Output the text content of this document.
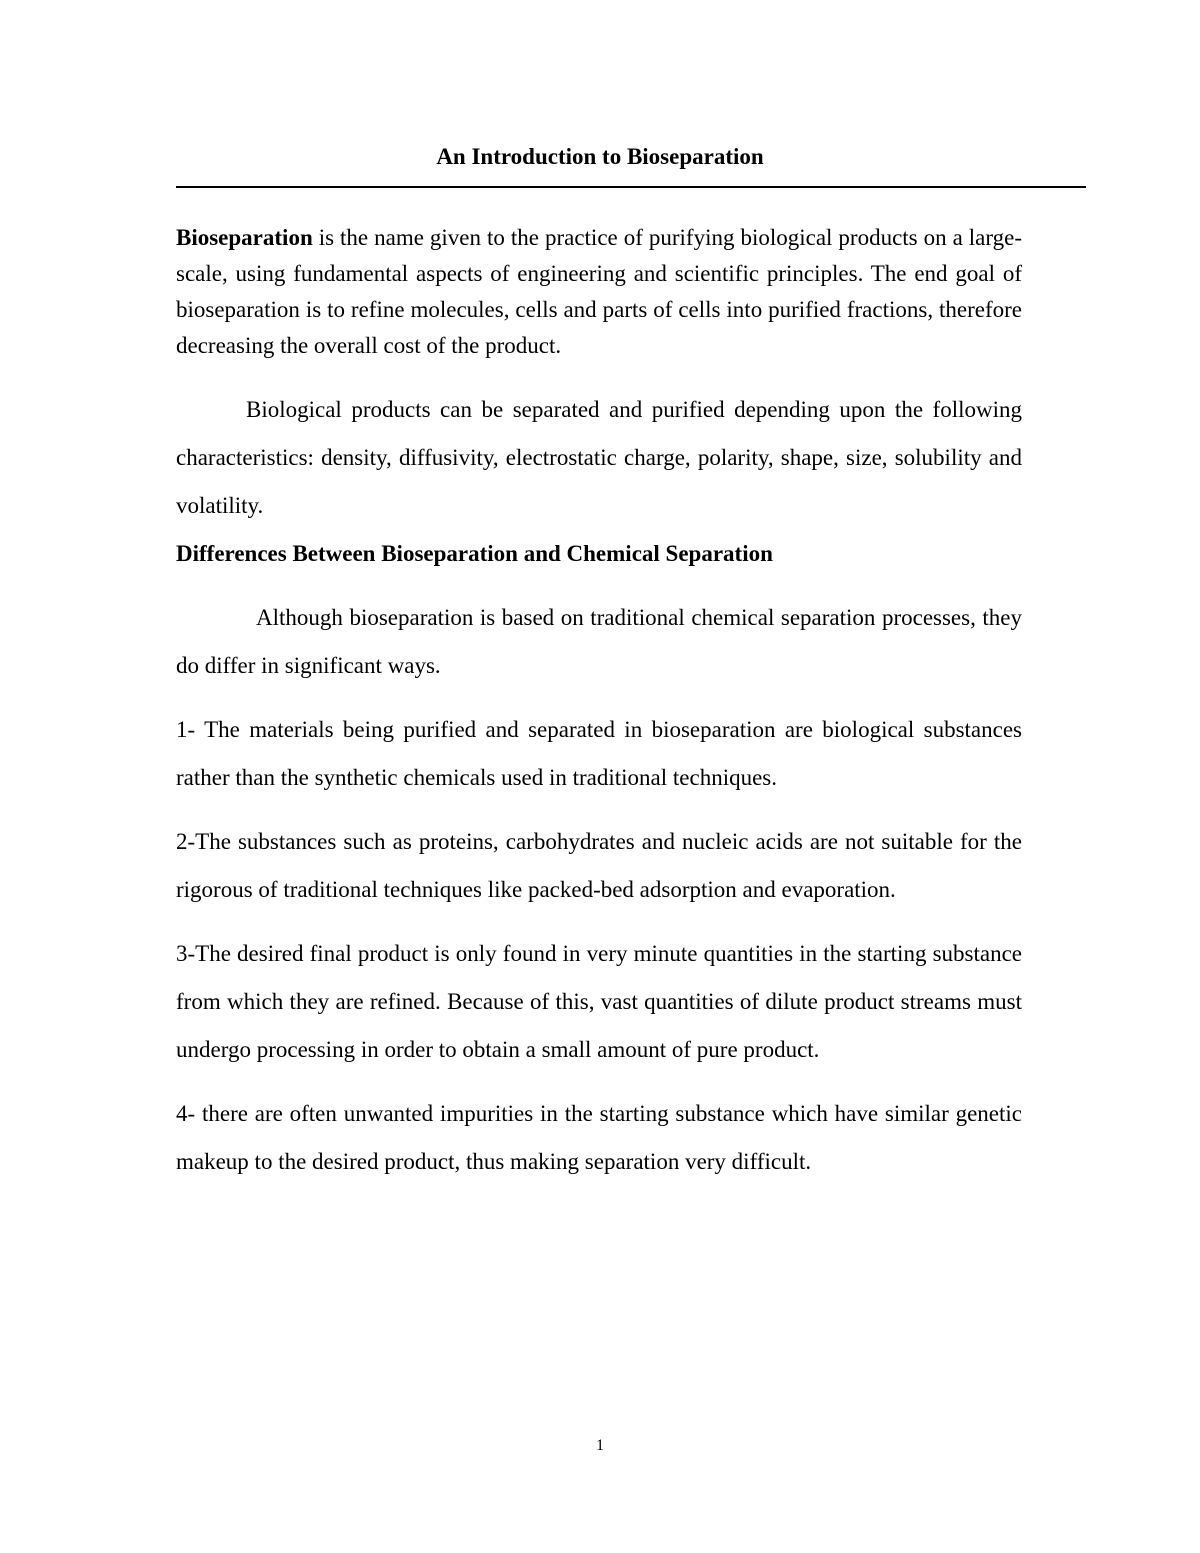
An Introduction to Bioseparation

Bioseparation is the name given to the practice of purifying biological products on a large-scale, using fundamental aspects of engineering and scientific principles. The end goal of bioseparation is to refine molecules, cells and parts of cells into purified fractions, therefore decreasing the overall cost of the product.

Biological products can be separated and purified depending upon the following characteristics: density, diffusivity, electrostatic charge, polarity, shape, size, solubility and volatility.

Differences Between Bioseparation and Chemical Separation

Although bioseparation is based on traditional chemical separation processes, they do differ in significant ways.

1- The materials being purified and separated in bioseparation are biological substances rather than the synthetic chemicals used in traditional techniques.

2-The substances such as proteins, carbohydrates and nucleic acids are not suitable for the rigorous of traditional techniques like packed-bed adsorption and evaporation.

3-The desired final product is only found in very minute quantities in the starting substance from which they are refined. Because of this, vast quantities of dilute product streams must undergo processing in order to obtain a small amount of pure product.

4- there are often unwanted impurities in the starting substance which have similar genetic makeup to the desired product, thus making separation very difficult.

1
